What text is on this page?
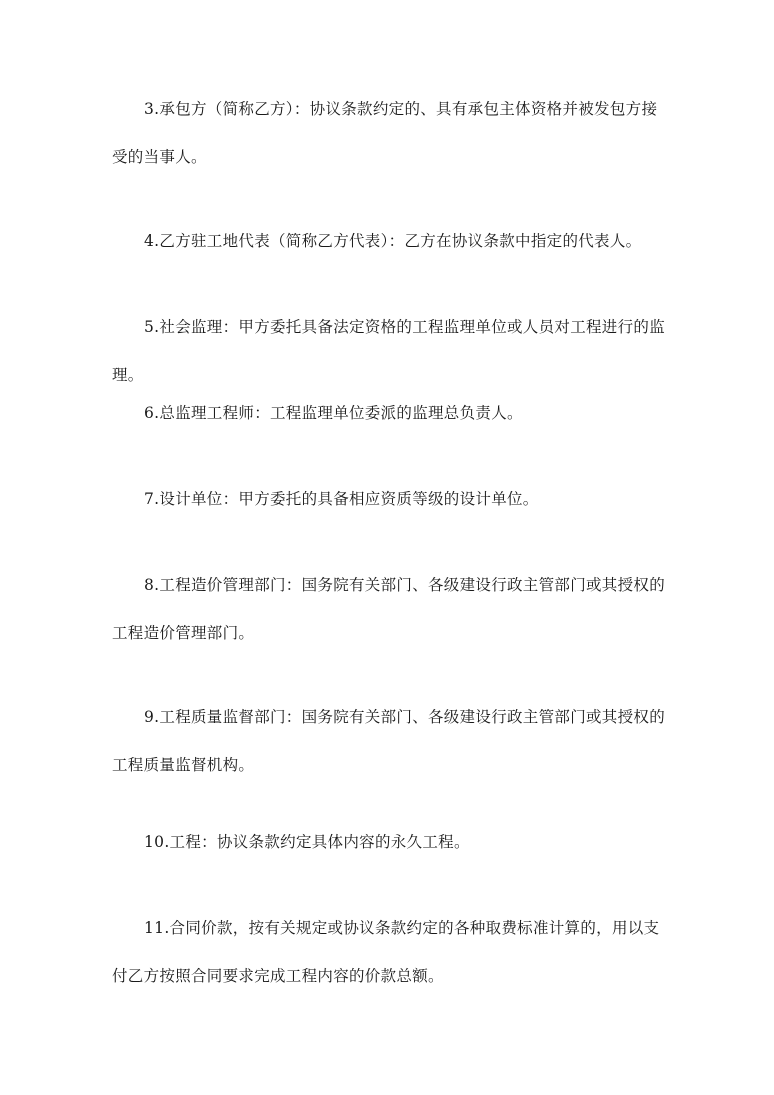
3.承包方（简称乙方）：协议条款约定的、具有承包主体资格并被发包方接受的当事人。

4.乙方驻工地代表（简称乙方代表）：乙方在协议条款中指定的代表人。

5.社会监理：甲方委托具备法定资格的工程监理单位或人员对工程进行的监理。

6.总监理工程师：工程监理单位委派的监理总负责人。

7.设计单位：甲方委托的具备相应资质等级的设计单位。

8.工程造价管理部门：国务院有关部门、各级建设行政主管部门或其授权的工程造价管理部门。

9.工程质量监督部门：国务院有关部门、各级建设行政主管部门或其授权的工程质量监督机构。

10.工程：协议条款约定具体内容的永久工程。

11.合同价款，按有关规定或协议条款约定的各种取费标准计算的，用以支付乙方按照合同要求完成工程内容的价款总额。
